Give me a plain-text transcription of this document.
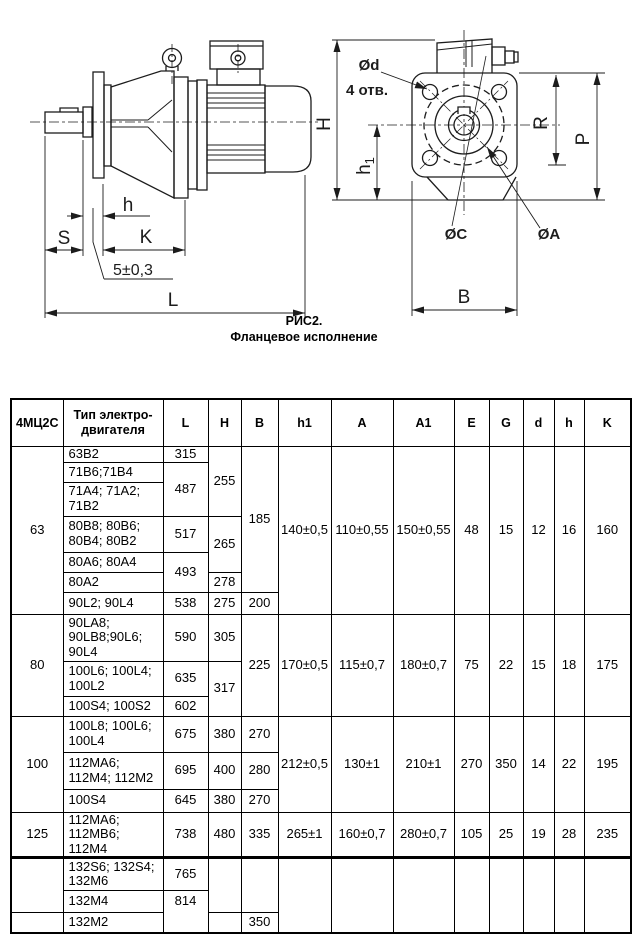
h
S	K
L
5±0,3
H
$h_1$
R
P
B
Ød
4 отв.
ØC	ØA
РИС2.
Фланцевое исполнение
4МЦ2С	Тип электро-двигателя	L	H	B	h1	A	A1	E	G	d	h	K
63	63B2	315	255	185	140±0,5	110±0,55	150±0,55	48	15	12	16	160
	71B6;71B4	487										
	71A4; 71A2; 71B2											
	80B8; 80B6; 80B4; 80B2	517	265									
	80A6; 80A4	493										
	80A2		278									
	90L2; 90L4	538	275	200								
80	90LA8; 90LB8;90L6; 90L4	590	305	225	170±0,5	115±0,7	180±0,7	75	22	15	18	175
	100L6; 100L4; 100L2	635	317									
	100S4; 100S2	602										
100	100L8; 100L6; 100L4	675	380	270	212±0,5	130±1	210±1	270	350	14	22	195
	112MA6; 112M4; 112M2	695	400	280								
	100S4	645	380	270								
125	112MA6; 112MB6; 112M4	738	480	335	265±1	160±0,7	280±0,7	105	25	19	28	235
	132S6; 132S4; 132M6	765										
	132M4	814										
	132M2			350								
